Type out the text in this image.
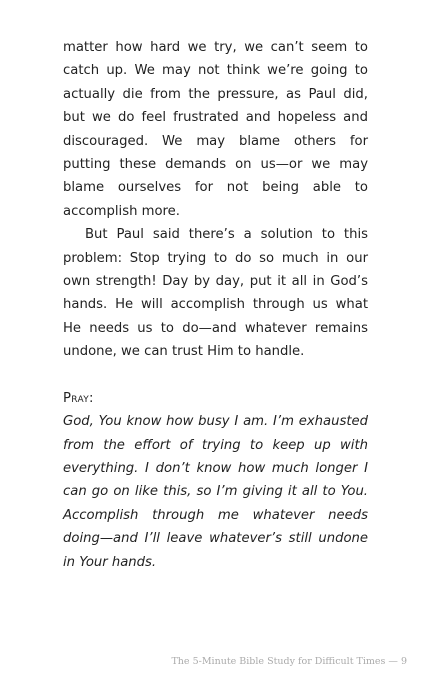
matter how hard we try, we can’t seem to catch up. We may not think we’re going to actually die from the pressure, as Paul did, but we do feel frustrated and hopeless and discouraged. We may blame others for putting these demands on us—or we may blame ourselves for not being able to accomplish more.

But Paul said there’s a solution to this problem: Stop trying to do so much in our own strength! Day by day, put it all in God’s hands. He will accomplish through us what He needs us to do—and whatever remains undone, we can trust Him to handle.

Pray:

God, You know how busy I am. I’m exhausted from the effort of trying to keep up with everything. I don’t know how much longer I can go on like this, so I’m giving it all to You. Accomplish through me whatever needs doing—and I’ll leave whatever’s still undone in Your hands.

The 5-Minute Bible Study for Difficult Times — 9
